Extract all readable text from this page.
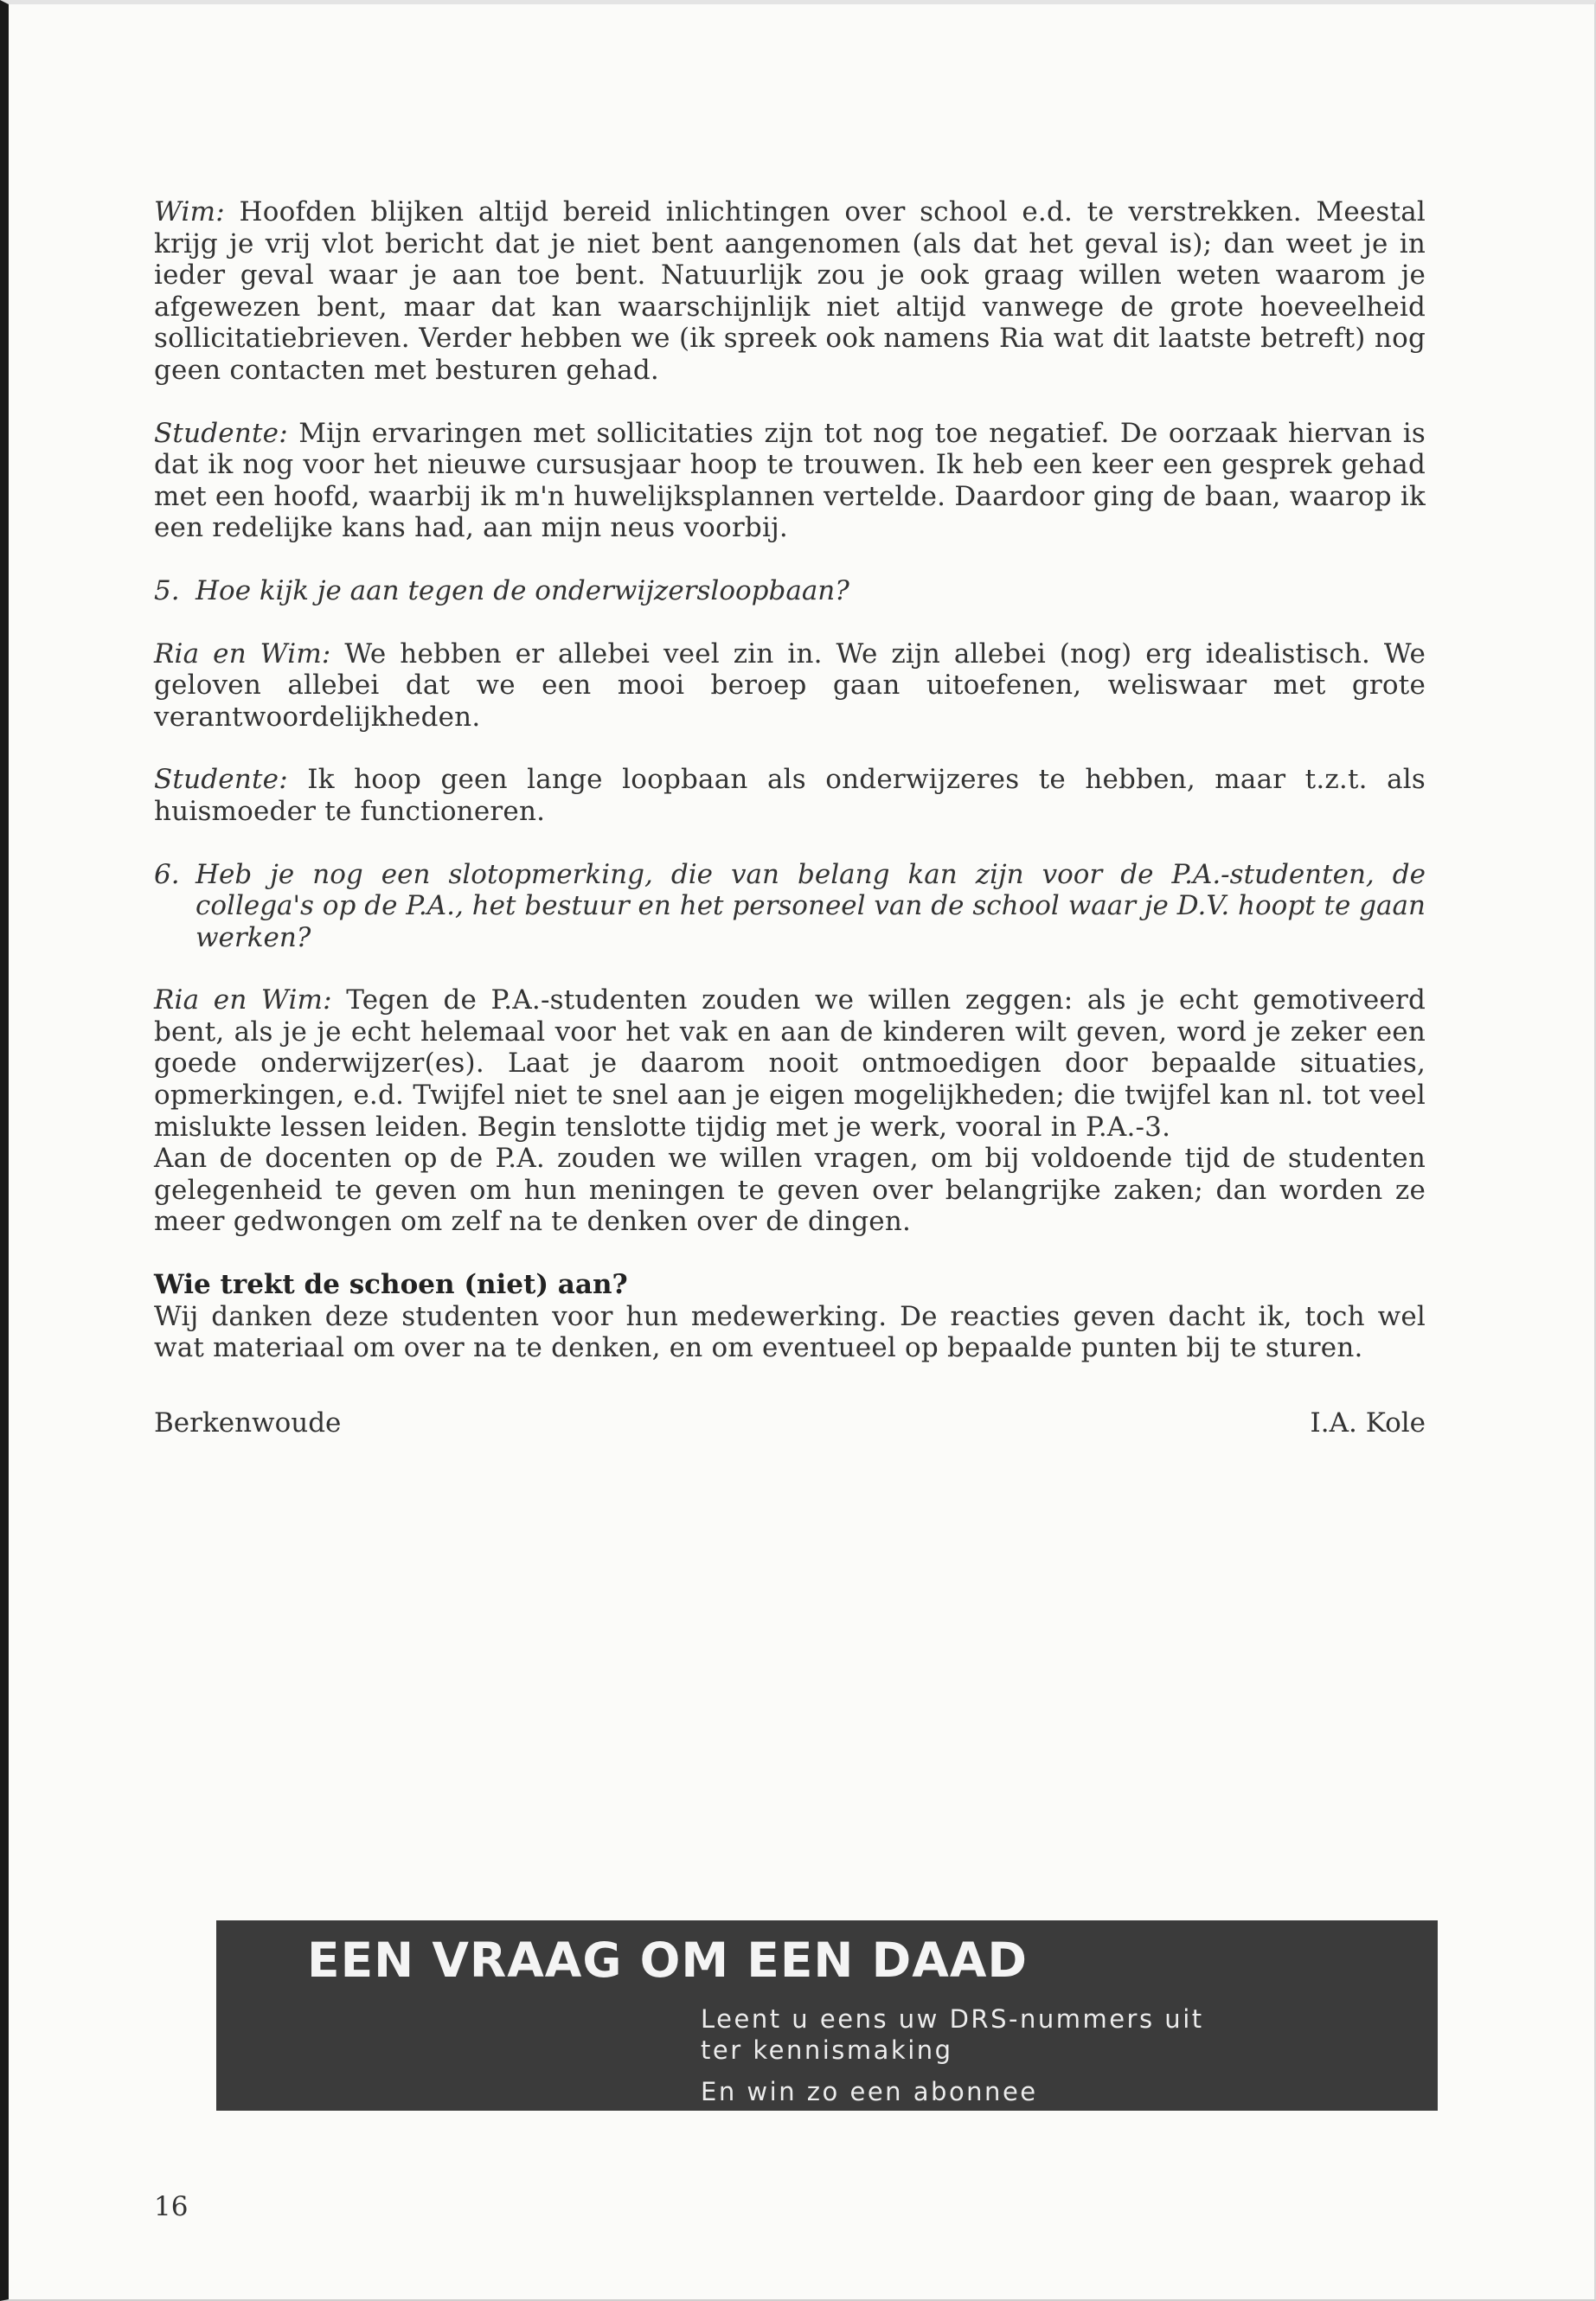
Wim: Hoofden blijken altijd bereid inlichtingen over school e.d. te verstrekken. Meestal krijg je vrij vlot bericht dat je niet bent aangenomen (als dat het geval is); dan weet je in ieder geval waar je aan toe bent. Natuurlijk zou je ook graag willen weten waarom je afgewezen bent, maar dat kan waarschijnlijk niet altijd vanwege de grote hoeveelheid sollicitatiebrieven. Verder hebben we (ik spreek ook namens Ria wat dit laatste betreft) nog geen contacten met besturen gehad.

Studente: Mijn ervaringen met sollicitaties zijn tot nog toe negatief. De oorzaak hiervan is dat ik nog voor het nieuwe cursusjaar hoop te trouwen. Ik heb een keer een gesprek gehad met een hoofd, waarbij ik m'n huwelijksplannen vertelde. Daardoor ging de baan, waarop ik een redelijke kans had, aan mijn neus voorbij.

5. Hoe kijk je aan tegen de onderwijzersloopbaan?

Ria en Wim: We hebben er allebei veel zin in. We zijn allebei (nog) erg idealistisch. We geloven allebei dat we een mooi beroep gaan uitoefenen, weliswaar met grote verantwoordelijkheden.

Studente: Ik hoop geen lange loopbaan als onderwijzeres te hebben, maar t.z.t. als huismoeder te functioneren.

6. Heb je nog een slotopmerking, die van belang kan zijn voor de P.A.-studenten, de collega's op de P.A., het bestuur en het personeel van de school waar je D.V. hoopt te gaan werken?

Ria en Wim: Tegen de P.A.-studenten zouden we willen zeggen: als je echt gemotiveerd bent, als je je echt helemaal voor het vak en aan de kinderen wilt geven, word je zeker een goede onderwijzer(es). Laat je daarom nooit ontmoedigen door bepaalde situaties, opmerkingen, e.d. Twijfel niet te snel aan je eigen mogelijkheden; die twijfel kan nl. tot veel mislukte lessen leiden. Begin tenslotte tijdig met je werk, vooral in P.A.-3.

Aan de docenten op de P.A. zouden we willen vragen, om bij voldoende tijd de studenten gelegenheid te geven om hun meningen te geven over belangrijke zaken; dan worden ze meer gedwongen om zelf na te denken over de dingen.

Wie trekt de schoen (niet) aan?

Wij danken deze studenten voor hun medewerking. De reacties geven dacht ik, toch wel wat materiaal om over na te denken, en om eventueel op bepaalde punten bij te sturen.

Berkenwoude	I.A. Kole
EEN VRAAG OM EEN DAAD
Leent u eens uw DRS-nummers uit
ter kennismaking
En win zo een abonnee
16
